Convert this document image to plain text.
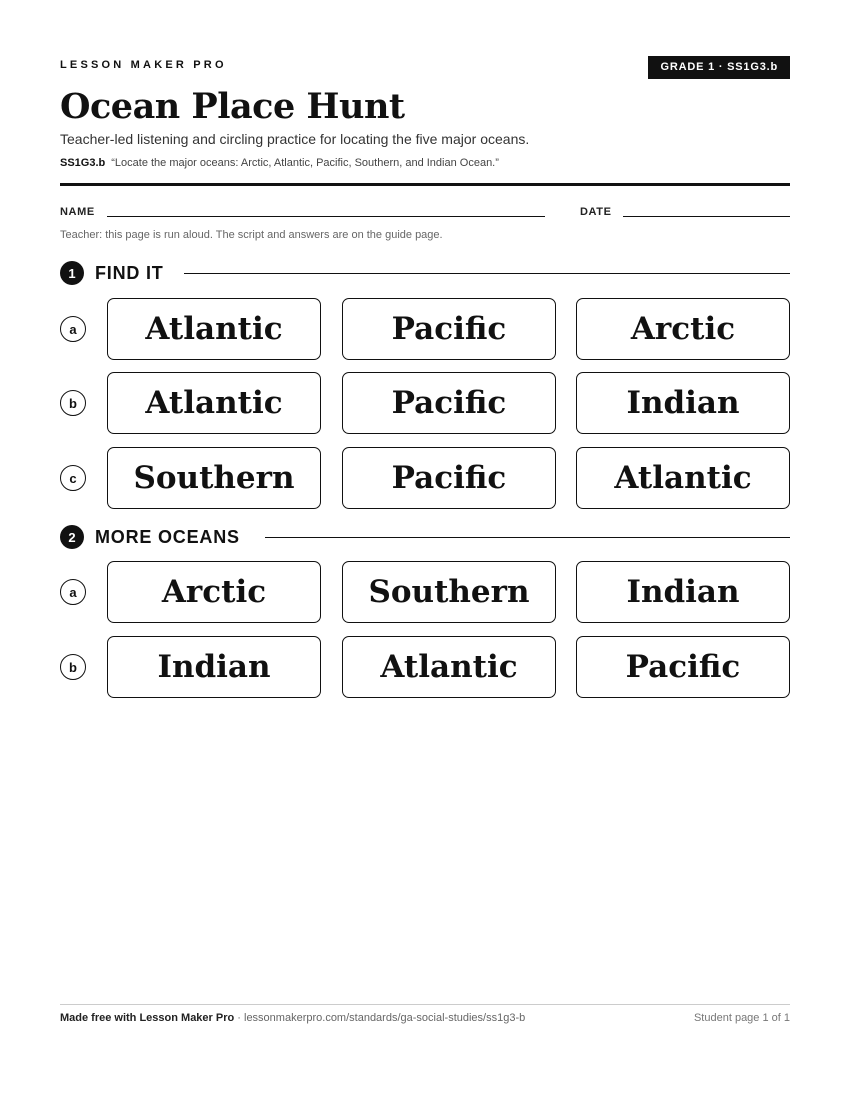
LESSON MAKER PRO	GRADE 1 · SS1G3.b
Ocean Place Hunt
Teacher-led listening and circling practice for locating the five major oceans.
SS1G3.b “Locate the major oceans: Arctic, Atlantic, Pacific, Southern, and Indian Ocean.”
NAME	DATE
Teacher: this page is run aloud. The script and answers are on the guide page.
1	FIND IT
a	Atlantic	Pacific	Arctic
b	Atlantic	Pacific	Indian
c	Southern	Pacific	Atlantic
2	MORE OCEANS
a	Arctic	Southern	Indian
b	Indian	Atlantic	Pacific
Made free with Lesson Maker Pro · lessonmakerpro.com/standards/ga-social-studies/ss1g3-b	Student page 1 of 1
